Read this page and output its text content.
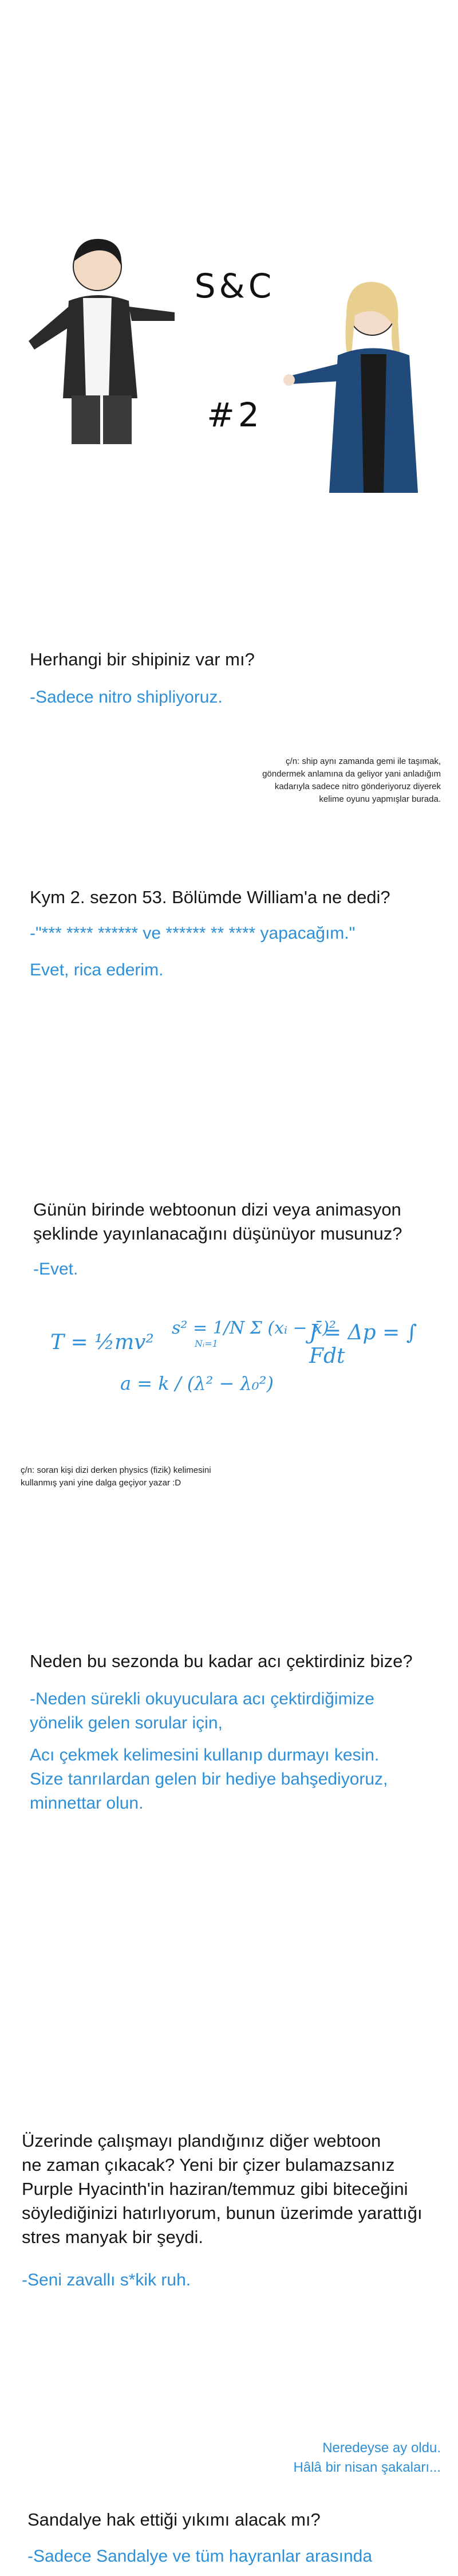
S&C
#2
Herhangi bir shipiniz var mı?
-Sadece nitro shipliyoruz.
ç/n: ship aynı zamanda gemi ile taşımak,
göndermek anlamına da geliyor yani anladığım
kadarıyla sadece nitro gönderiyoruz diyerek
kelime oyunu yapmışlar burada.
Kym 2. sezon 53. Bölümde William'a ne dedi?
-"*** **** ****** ve ****** ** **** yapacağım."
Evet, rica ederim.
Günün birinde webtoonun dizi veya animasyon
şeklinde yayınlanacağını düşünüyor musunuz?
-Evet.
T = ½mv²
s² = 1/N Σ (xᵢ − x̄)²
Nᵢ=1	J = Δp = ∫ Fdt
a = k / (λ² − λ₀²)
ç/n: soran kişi dizi derken physics (fizik) kelimesini
kullanmış yani yine dalga geçiyor yazar :D
Neden bu sezonda bu kadar acı çektirdiniz bize?
-Neden sürekli okuyuculara acı çektirdiğimize
yönelik gelen sorular için,
Acı çekmek kelimesini kullanıp durmayı kesin.
Size tanrılardan gelen bir hediye bahşediyoruz,
minnettar olun.
Üzerinde çalışmayı plandığınız diğer webtoon
ne zaman çıkacak? Yeni bir çizer bulamazsanız
Purple Hyacinth'in haziran/temmuz gibi biteceğini
söylediğinizi hatırlıyorum, bunun üzerimde yarattığı
stres manyak bir şeydi.
-Seni zavallı s*kik ruh.
Neredeyse ay oldu.
Hâlâ bir nisan şakaları...
Sandalye hak ettiği yıkımı alacak mı?
-Sadece Sandalye ve tüm hayranlar arasında
